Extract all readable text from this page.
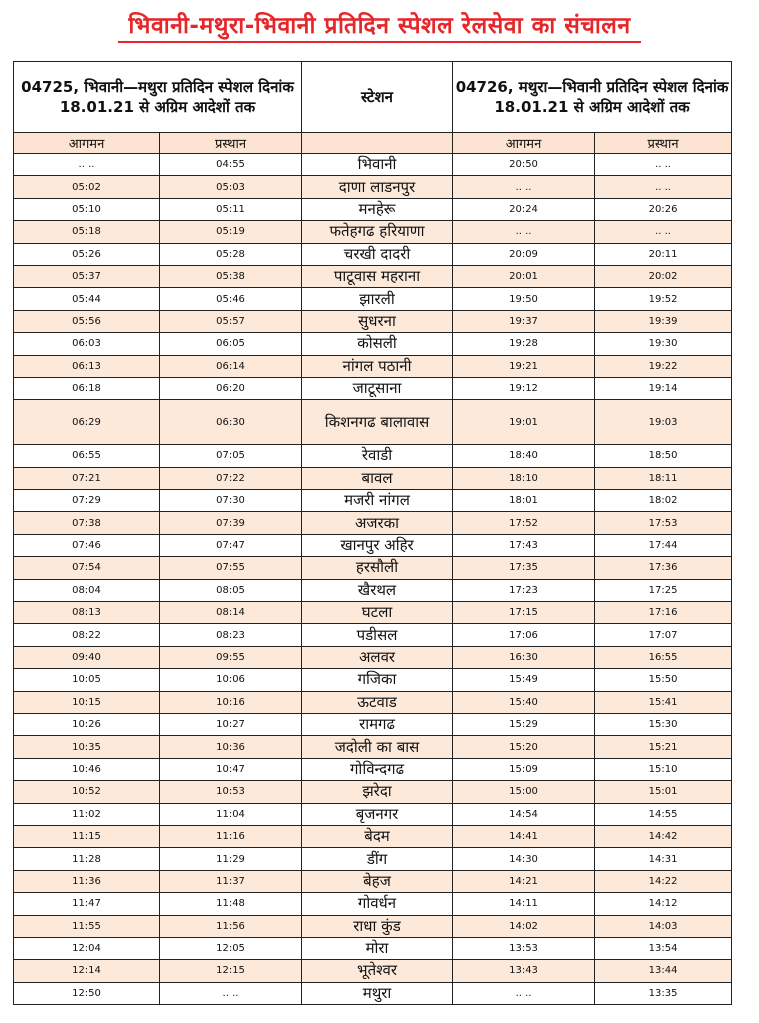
भिवानी-मथुरा-भिवानी प्रतिदिन स्पेशल रेलसेवा का संचालन
04725, भिवानी—मथुरा प्रतिदिन स्पेशल दिनांक 18.01.21 से अग्रिम आदेशों तक		स्टेशन	04726, मथुरा—भिवानी प्रतिदिन स्पेशल दिनांक 18.01.21 से अग्रिम आदेशों तक	
आगमन	प्रस्थान		आगमन	प्रस्थान
.. ..	04:55	भिवानी	20:50	.. ..
05:02	05:03	दाणा लाडनपुर	.. ..	.. ..
05:10	05:11	मनहेरू	20:24	20:26
05:18	05:19	फतेहगढ हरियाणा	.. ..	.. ..
05:26	05:28	चरखी दादरी	20:09	20:11
05:37	05:38	पाटूवास महराना	20:01	20:02
05:44	05:46	झारली	19:50	19:52
05:56	05:57	सुधरना	19:37	19:39
06:03	06:05	कोसली	19:28	19:30
06:13	06:14	नांगल पठानी	19:21	19:22
06:18	06:20	जाटूसाना	19:12	19:14
06:29	06:30	किशनगढ बालावास	19:01	19:03
06:55	07:05	रेवाडी	18:40	18:50
07:21	07:22	बावल	18:10	18:11
07:29	07:30	मजरी नांगल	18:01	18:02
07:38	07:39	अजरका	17:52	17:53
07:46	07:47	खानपुर अहिर	17:43	17:44
07:54	07:55	हरसौली	17:35	17:36
08:04	08:05	खैरथल	17:23	17:25
08:13	08:14	घटला	17:15	17:16
08:22	08:23	पडीसल	17:06	17:07
09:40	09:55	अलवर	16:30	16:55
10:05	10:06	गजिका	15:49	15:50
10:15	10:16	ऊटवाड	15:40	15:41
10:26	10:27	रामगढ	15:29	15:30
10:35	10:36	जदोली का बास	15:20	15:21
10:46	10:47	गोविन्दगढ	15:09	15:10
10:52	10:53	झरेदा	15:00	15:01
11:02	11:04	बृजनगर	14:54	14:55
11:15	11:16	बेदम	14:41	14:42
11:28	11:29	डींग	14:30	14:31
11:36	11:37	बेहज	14:21	14:22
11:47	11:48	गोवर्धन	14:11	14:12
11:55	11:56	राधा कुंड	14:02	14:03
12:04	12:05	मोरा	13:53	13:54
12:14	12:15	भूतेश्वर	13:43	13:44
12:50	.. ..	मथुरा	.. ..	13:35
